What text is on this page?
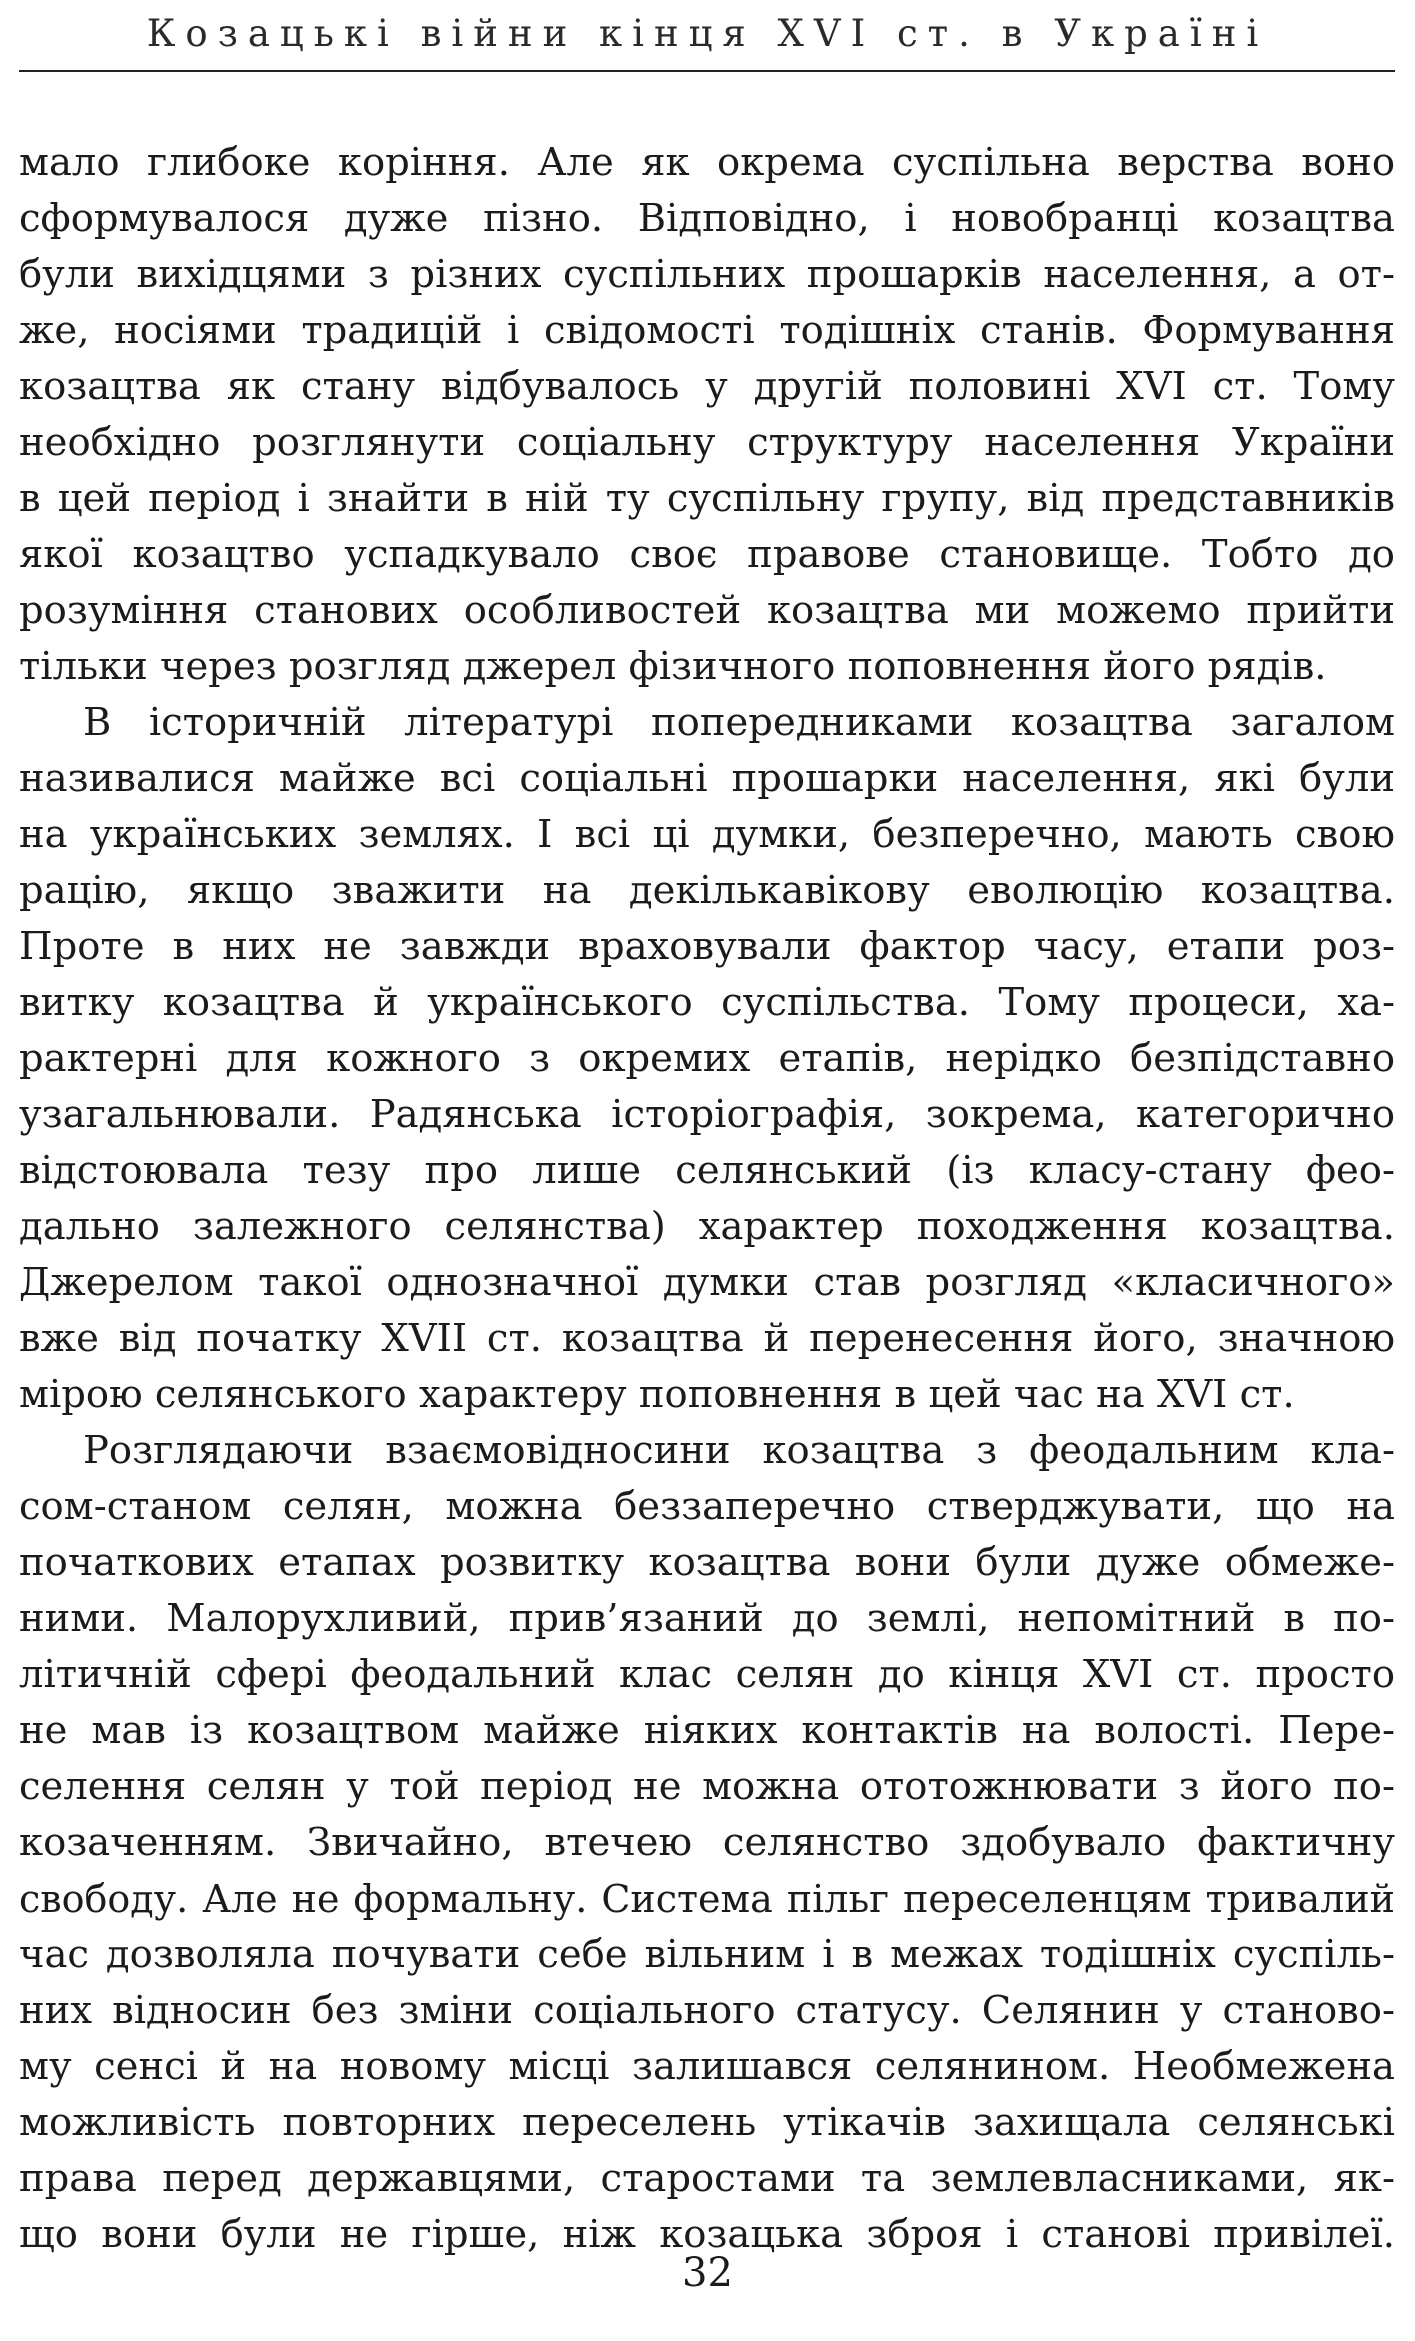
Козацькі війни кінця XVI ст. в Україні
мало глибоке коріння. Але як окрема суспільна верства воно
сформувалося дуже пізно. Відповідно, і новобранці козацтва
були вихідцями з різних суспільних прошарків населення, а от-
же, носіями традицій і свідомості тодішніх станів. Формування
козацтва як стану відбувалось у другій половині XVI ст. Тому
необхідно розглянути соціальну структуру населення України
в цей період і знайти в ній ту суспільну групу, від представників
якої козацтво успадкувало своє правове становище. Тобто до
розуміння станових особливостей козацтва ми можемо прийти
тільки через розгляд джерел фізичного поповнення його рядів.
В історичній літературі попередниками козацтва загалом
називалися майже всі соціальні прошарки населення, які були
на українських землях. І всі ці думки, безперечно, мають свою
рацію, якщо зважити на декількавікову еволюцію козацтва.
Проте в них не завжди враховували фактор часу, етапи роз-
витку козацтва й українського суспільства. Тому процеси, ха-
рактерні для кожного з окремих етапів, нерідко безпідставно
узагальнювали. Радянська історіографія, зокрема, категорично
відстоювала тезу про лише селянський (із класу-стану фео-
дально залежного селянства) характер походження козацтва.
Джерелом такої однозначної думки став розгляд «класичного»
вже від початку XVII ст. козацтва й перенесення його, значною
мірою селянського характеру поповнення в цей час на XVI ст.
Розглядаючи взаємовідносини козацтва з феодальним кла-
сом-станом селян, можна беззаперечно стверджувати, що на
початкових етапах розвитку козацтва вони були дуже обмеже-
ними. Малорухливий, прив’язаний до землі, непомітний в по-
літичній сфері феодальний клас селян до кінця XVI ст. просто
не мав із козацтвом майже ніяких контактів на волості. Пере-
селення селян у той період не можна ототожнювати з його по-
козаченням. Звичайно, втечею селянство здобувало фактичну
свободу. Але не формальну. Система пільг переселенцям тривалий
час дозволяла почувати себе вільним і в межах тодішніх суспіль-
них відносин без зміни соціального статусу. Селянин у станово-
му сенсі й на новому місці залишався селянином. Необмежена
можливість повторних переселень утікачів захищала селянські
права перед державцями, старостами та землевласниками, як-
що вони були не гірше, ніж козацька зброя і станові привілеї.
32
